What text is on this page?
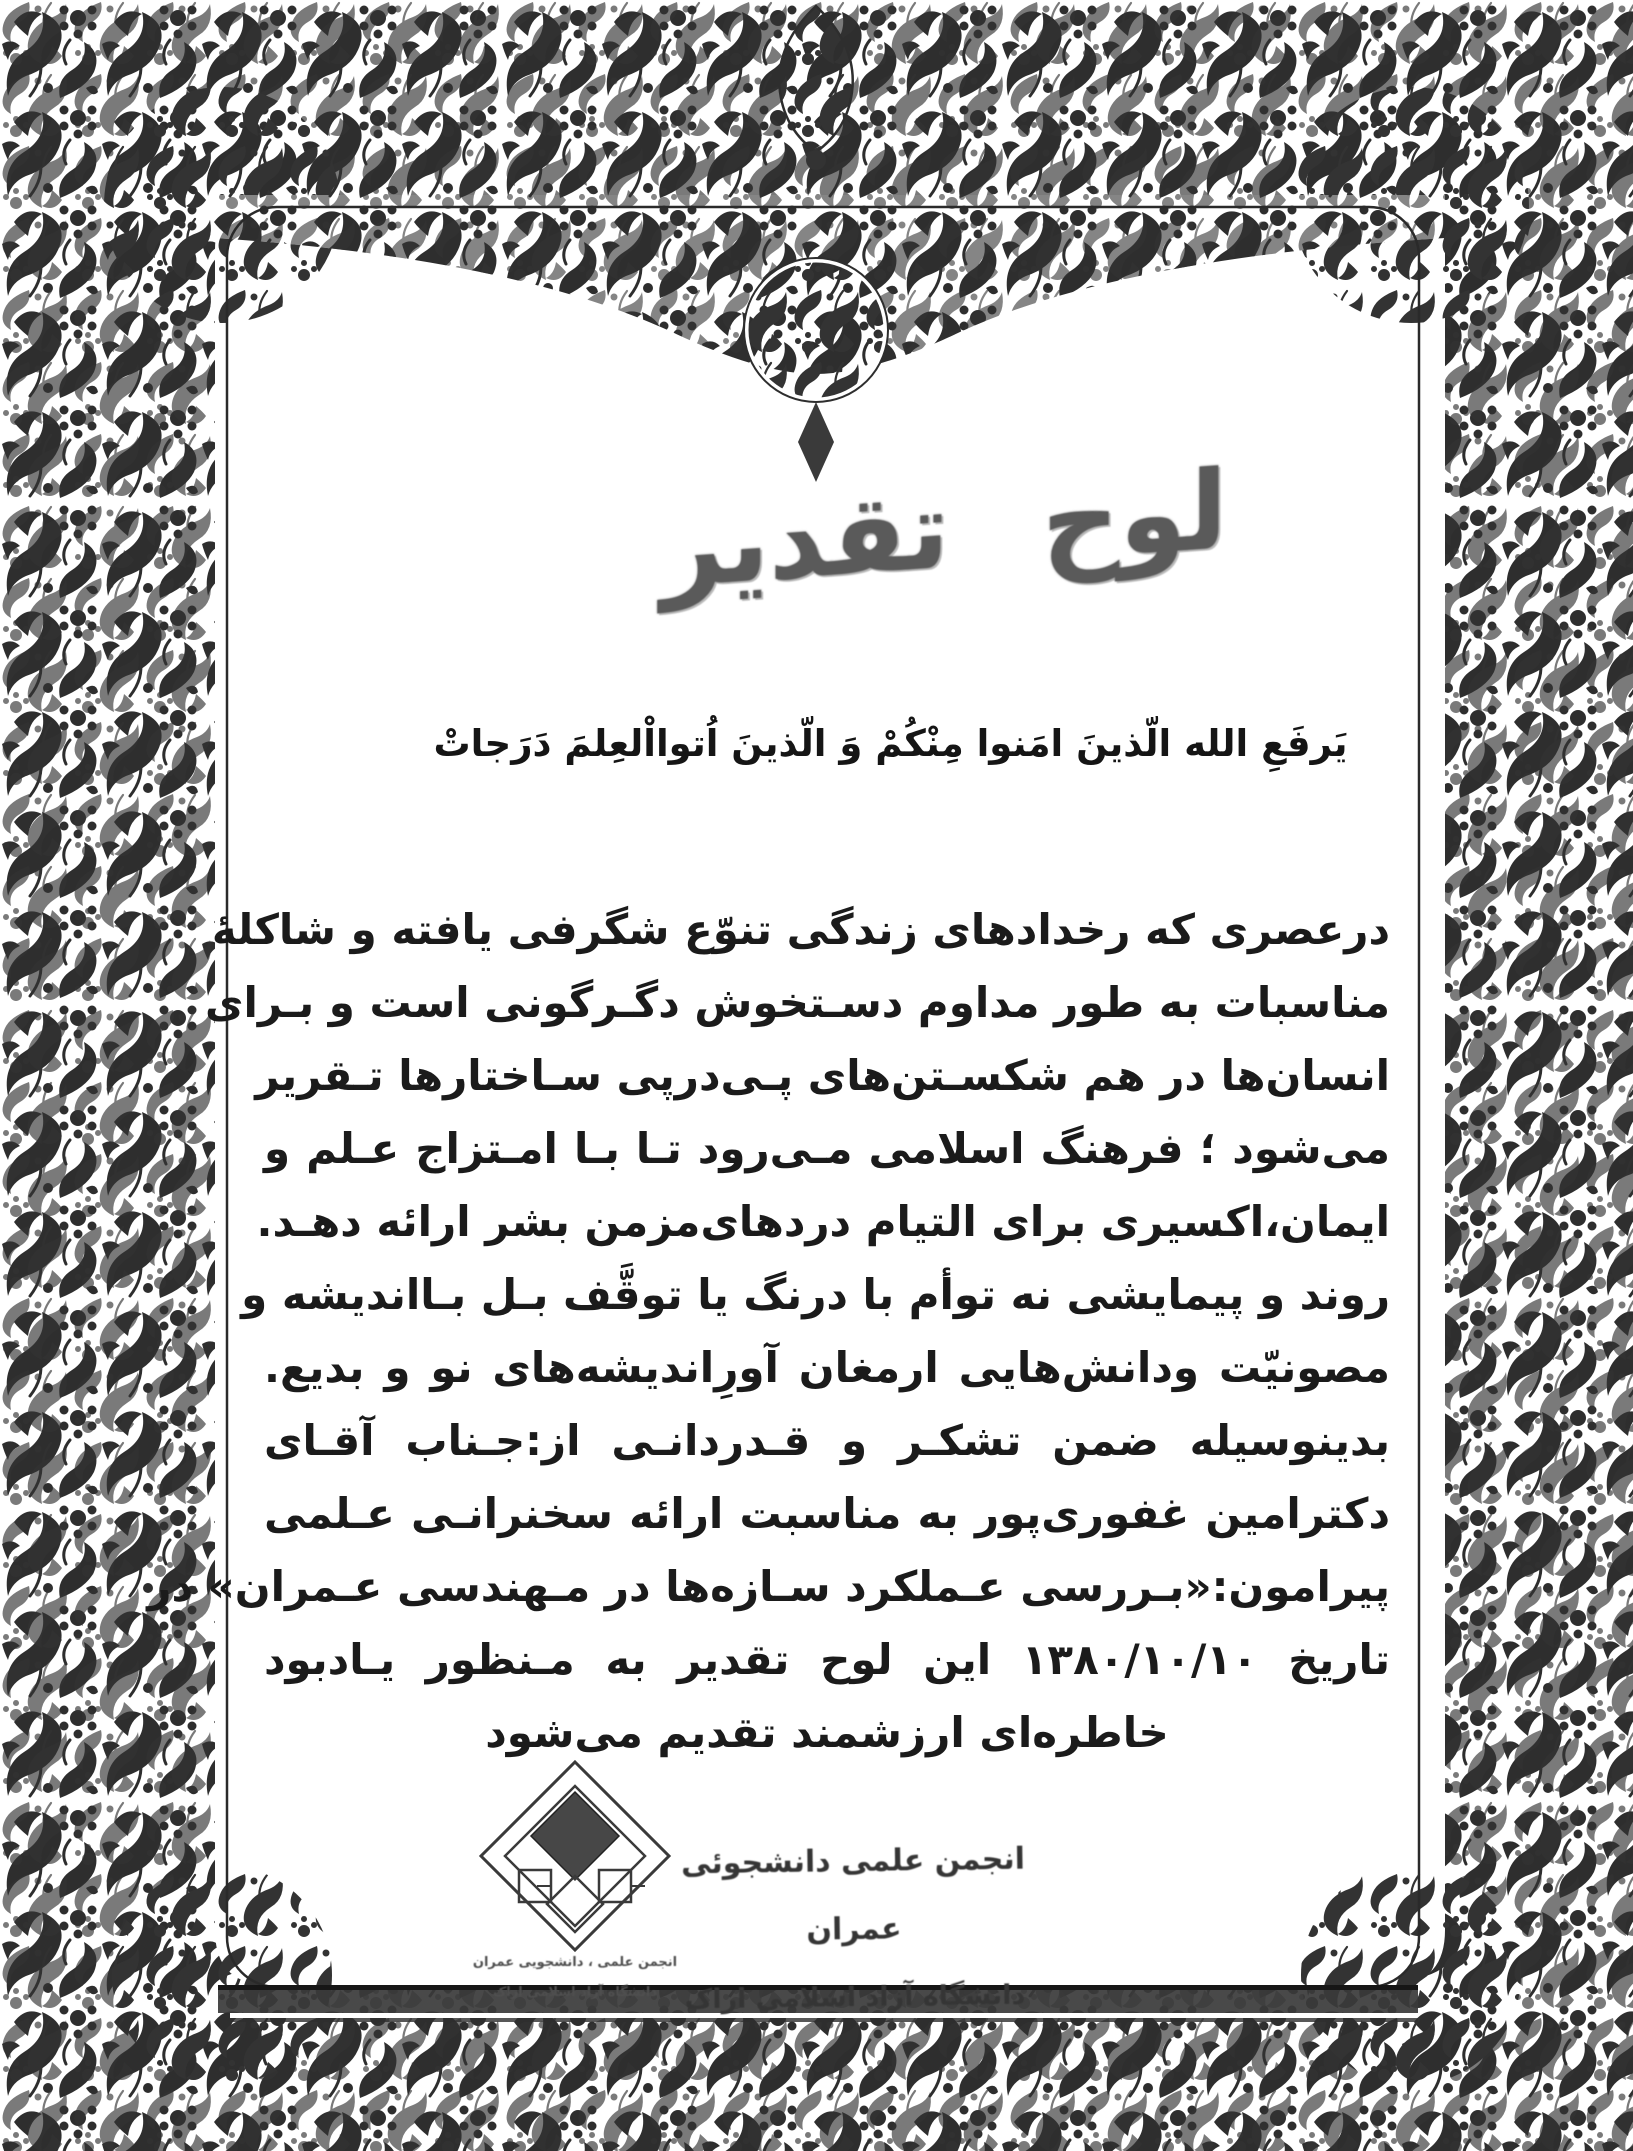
لوح تقدیر
یَرفَعِ الله الّذینَ امَنوا مِنْکُمْ وَ الّذینَ اُتوااْلعِلمَ دَرَجاتْ
درعصری که رخدادهای زندگی تنوّع شگرفی یافته و شاکلهٔ
مناسبات به طور مداوم دسـتخوش دگـرگونی است و بـرای
انسان‌ها در هم شکسـتن‌های پـی‌درپی سـاختارها تـقریر
می‌شود ؛ فرهنگ اسلامی مـی‌رود تـا بـا امـتزاج عـلم و
ایمان،اکسیری برای التیام دردهای‌مزمن بشر ارائه دهـد.
روند و پیمایشی نه توأم با درنگ یا توقَّف بـل بـااندیشه و
مصونیّت ودانش‌هایی ارمغان آورِاندیشه‌های نو و بدیع.
بدینوسیله ضمن تشکـر و قـدردانـی از:جـناب آقـای
دکترامین غفوری‌پور به مناسبت ارائه سخنرانـی عـلمی
پیرامون:«بـررسی عـملکرد سـازه‌ها در مـهندسی عـمران» در
تاریخ ۱۳۸۰/۱۰/۱۰ این لوح تقدیر به مـنظور یـادبود
خاطره‌ای ارزشمند تقدیم می‌شود
انجمن علمی ، دانشجویی عمران
دانشگاه آزاد اسلامی اراک
انجمن علمی دانشجوئی عمران
دانشگاه آزاد اسلامی اراک
